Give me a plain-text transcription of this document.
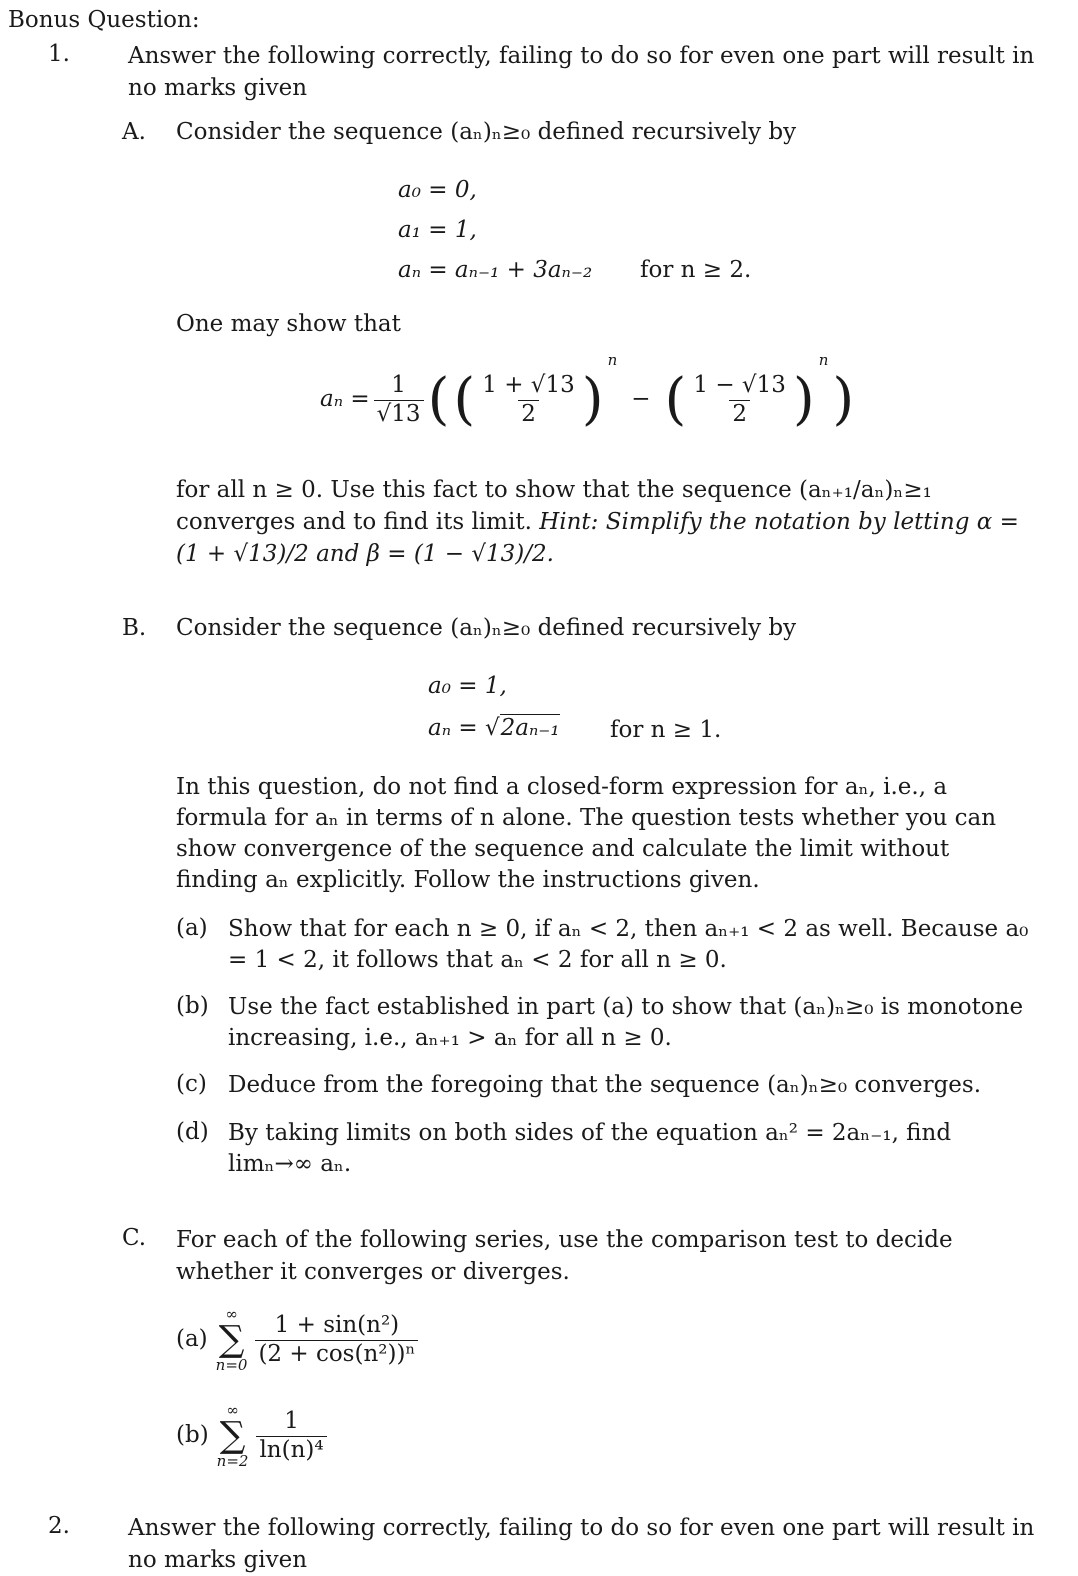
Bonus Question:
1.	Answer the following correctly, failing to do so for even one part will result in no marks given
A. Consider the sequence (aₙ)ₙ≥₀ defined recursively by
a₀ = 0,
a₁ = 1,
aₙ = aₙ₋₁ + 3aₙ₋₂ for n ≥ 2.
One may show that
$a_n = \frac{1}{√13}$ ( ( $\frac{1 + √13}{2}$ )
n
− ( $\frac{1 - √13}{2}$ )
n
)
for all n ≥ 0. Use this fact to show that the sequence (aₙ₊₁/aₙ)ₙ≥₁ converges and to find its limit. Hint: Simplify the notation by letting α = (1 + √13)/2 and β = (1 − √13)/2.
B. Consider the sequence (aₙ)ₙ≥₀ defined recursively by
a₀ = 1,
aₙ = √2aₙ₋₁ for n ≥ 1.
In this question, do not find a closed-form expression for aₙ, i.e., a formula for aₙ in terms of n alone. The question tests whether you can show convergence of the sequence and calculate the limit without finding aₙ explicitly. Follow the instructions given.
(a) Show that for each n ≥ 0, if aₙ < 2, then aₙ₊₁ < 2 as well. Because a₀ = 1 < 2, it follows that aₙ < 2 for all n ≥ 0.
(b) Use the fact established in part (a) to show that (aₙ)ₙ≥₀ is monotone increasing, i.e., aₙ₊₁ > aₙ for all n ≥ 0.
(c) Deduce from the foregoing that the sequence (aₙ)ₙ≥₀ converges.
(d) By taking limits on both sides of the equation aₙ² = 2aₙ₋₁, find limₙ→∞ aₙ.
C. For each of the following series, use the comparison test to decide whether it converges or diverges.
(a)
∞
∑
$n=0 \frac{\text{1 + sin(n²)}}{\text{(2 + cos(n²))ⁿ}}$
(b)
∞
∑
$n=2 \frac{1}{\text{ln(n)⁴}}$
2.	Answer the following correctly, failing to do so for even one part will result in no marks given
